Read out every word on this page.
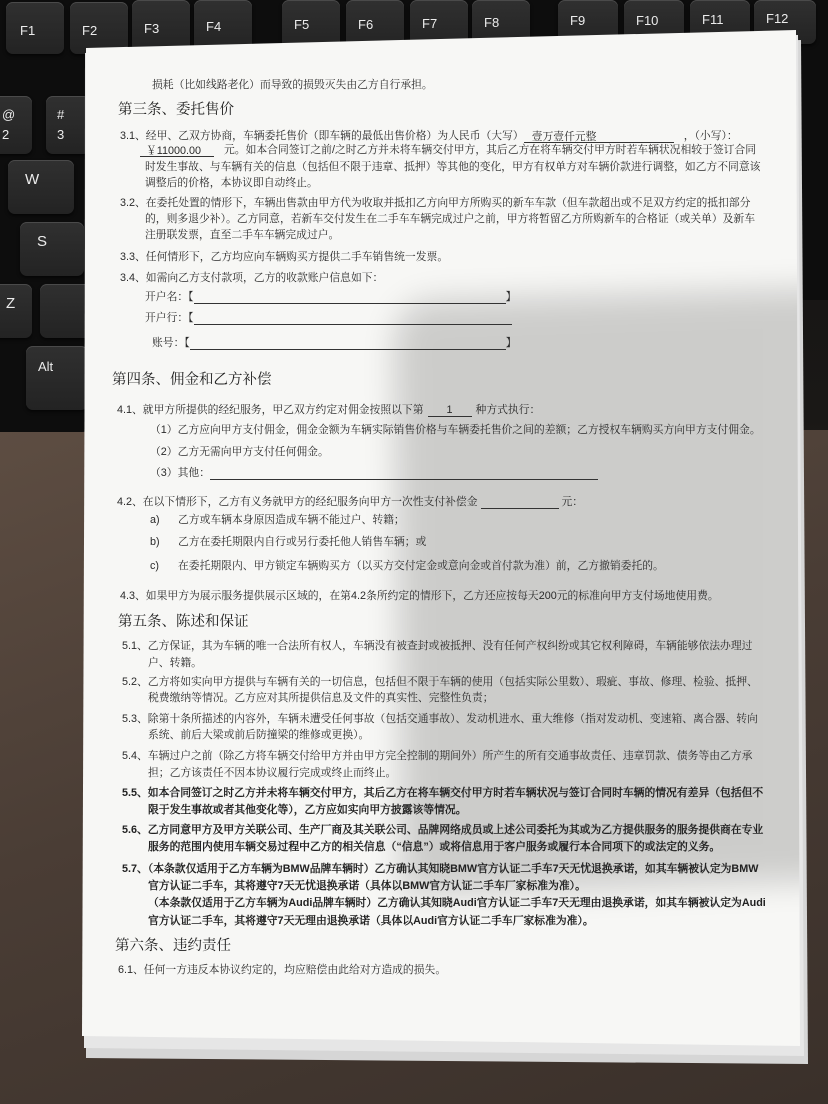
F1	F2	F3	F4	F5	F6	F7	F8	F9	F10	F11	F12
@
2
#
3
W
S
Z
Alt
损耗（比如线路老化）而导致的损毁灭失由乙方自行承担。
第三条、委托售价
3.1、经甲、乙双方协商，车辆委托售价（即车辆的最低出售价格）为人民币（大写） 壹万壹仟元整	，（小写）：
￥11000.00 元。如本合同签订之前/之时乙方并未将车辆交付甲方，其后乙方在将车辆交付甲方时若车辆状况相较于签订合同
时发生事故、与车辆有关的信息（包括但不限于违章、抵押）等其他的变化，甲方有权单方对车辆价款进行调整，如乙方不同意该
调整后的价格，本协议即自动终止。
3.2、在委托处置的情形下，车辆出售款由甲方代为收取并抵扣乙方向甲方所购买的新车车款（但车款超出或不足双方约定的抵扣部分
的，则多退少补）。乙方同意，若新车交付发生在二手车车辆完成过户之前，甲方将暂留乙方所购新车的合格证（或关单）及新车
注册联发票，直至二手车车辆完成过户。
3.3、任何情形下，乙方均应向车辆购买方提供二手车销售统一发票。
3.4、如需向乙方支付款项，乙方的收款账户信息如下：
开户名：【	】
开户行：【
账号：【	】
第四条、佣金和乙方补偿
4.1、就甲方所提供的经纪服务，甲乙双方约定对佣金按照以下第 1 种方式执行：
（1）乙方应向甲方支付佣金，佣金金额为车辆实际销售价格与车辆委托售价之间的差额；乙方授权车辆购买方向甲方支付佣金。
（2）乙方无需向甲方支付任何佣金。
（3）其他：
4.2、在以下情形下，乙方有义务就甲方的经纪服务向甲方一次性支付补偿金	元：
a) 乙方或车辆本身原因造成车辆不能过户、转籍；
b) 乙方在委托期限内自行或另行委托他人销售车辆；或
c) 在委托期限内、甲方锁定车辆购买方（以买方交付定金或意向金或首付款为准）前，乙方撤销委托的。
4.3、如果甲方为展示服务提供展示区域的，在第4.2条所约定的情形下，乙方还应按每天200元的标准向甲方支付场地使用费。
第五条、陈述和保证
5.1、乙方保证，其为车辆的唯一合法所有权人，车辆没有被查封或被抵押、没有任何产权纠纷或其它权利障碍，车辆能够依法办理过
户、转籍。
5.2、乙方将如实向甲方提供与车辆有关的一切信息，包括但不限于车辆的使用（包括实际公里数）、瑕疵、事故、修理、检验、抵押、
税费缴纳等情况。乙方应对其所提供信息及文件的真实性、完整性负责；
5.3、除第十条所描述的内容外，车辆未遭受任何事故（包括交通事故）、发动机进水、重大维修（指对发动机、变速箱、离合器、转向
系统、前后大梁或前后防撞梁的维修或更换）。
5.4、车辆过户之前（除乙方将车辆交付给甲方并由甲方完全控制的期间外）所产生的所有交通事故责任、违章罚款、债务等由乙方承
担；乙方该责任不因本协议履行完成或终止而终止。
5.5、如本合同签订之时乙方并未将车辆交付甲方，其后乙方在将车辆交付甲方时若车辆状况与签订合同时车辆的情况有差异（包括但不
限于发生事故或者其他变化等），乙方应如实向甲方披露该等情况。
5.6、乙方同意甲方及甲方关联公司、生产厂商及其关联公司、品牌网络成员或上述公司委托为其或为乙方提供服务的服务提供商在专业
服务的范围内使用车辆交易过程中乙方的相关信息（“信息”）或将信息用于客户服务或履行本合同项下的或法定的义务。
5.7、（本条款仅适用于乙方车辆为BMW品牌车辆时）乙方确认其知晓BMW官方认证二手车7天无忧退换承诺，如其车辆被认定为BMW
官方认证二手车，其将遵守7天无忧退换承诺（具体以BMW官方认证二手车厂家标准为准）。
（本条款仅适用于乙方车辆为Audi品牌车辆时）乙方确认其知晓Audi官方认证二手车7天无理由退换承诺，如其车辆被认定为Audi
官方认证二手车，其将遵守7天无理由退换承诺（具体以Audi官方认证二手车厂家标准为准）。
第六条、违约责任
6.1、任何一方违反本协议约定的，均应赔偿由此给对方造成的损失。
